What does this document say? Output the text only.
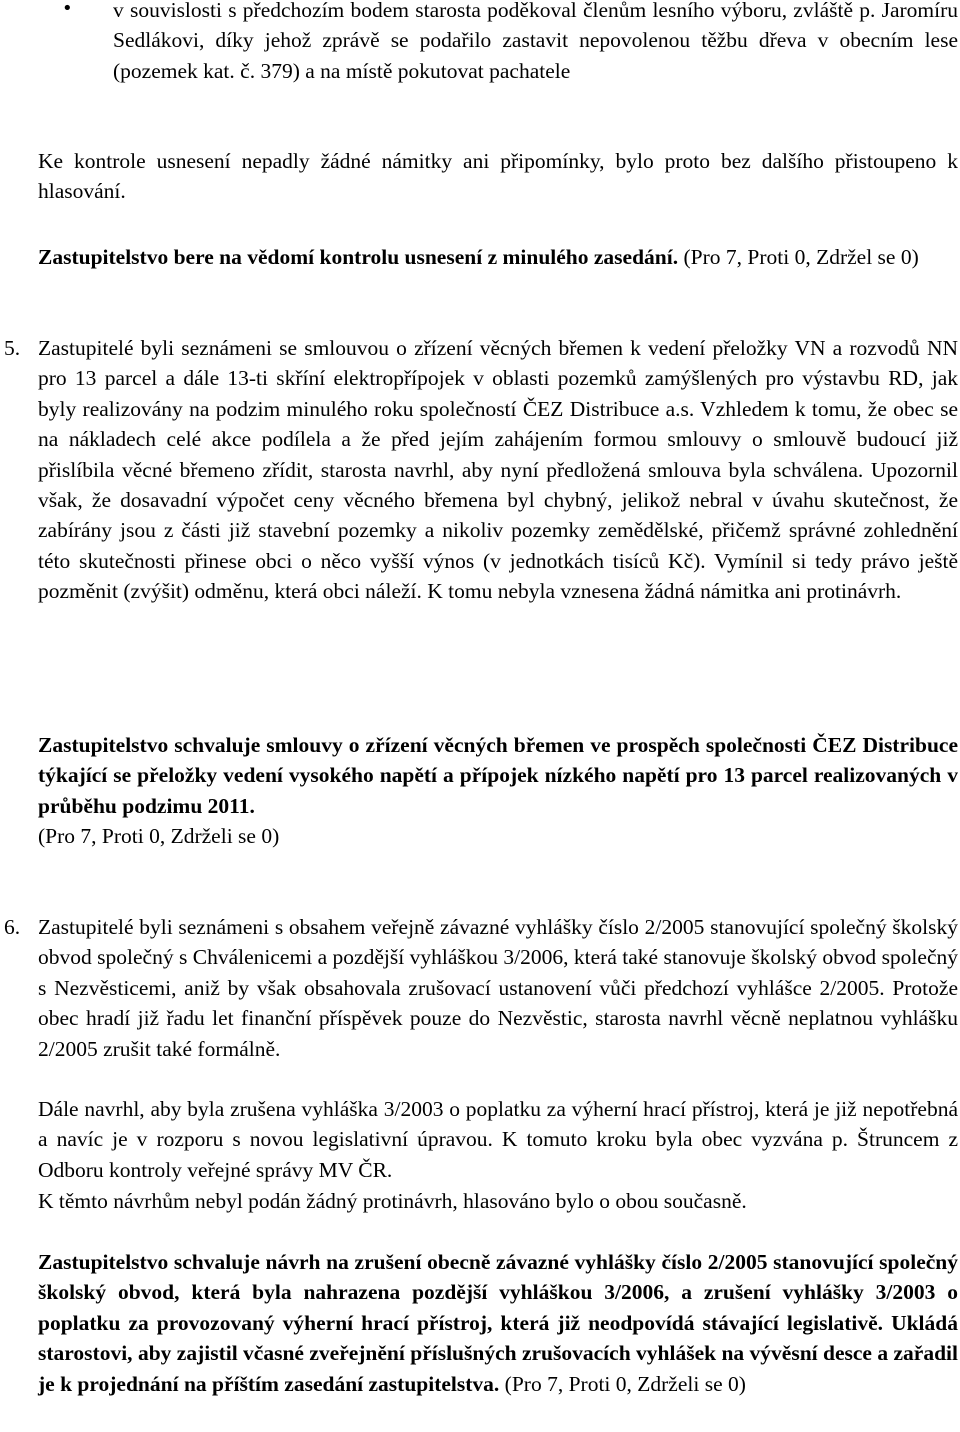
•	v souvislosti s předchozím bodem starosta poděkoval členům lesního výboru, zvláště p. Jaromíru Sedlákovi, díky jehož zprávě se podařilo zastavit nepovolenou těžbu dřeva v obecním lese (pozemek kat. č. 379) a na místě pokutovat pachatele

Ke kontrole usnesení nepadly žádné námitky ani připomínky, bylo proto bez dalšího přistoupeno k hlasování.

Zastupitelstvo bere na vědomí kontrolu usnesení z minulého zasedání. (Pro 7, Proti 0, Zdržel se 0)

5. Zastupitelé byli seznámeni se smlouvou o zřízení věcných břemen k vedení přeložky VN a rozvodů NN pro 13 parcel a dále 13-ti skříní elektropřípojek v oblasti pozemků zamýšlených pro výstavbu RD, jak byly realizovány na podzim minulého roku společností ČEZ Distribuce a.s. Vzhledem k tomu, že obec se na nákladech celé akce podílela a že před jejím zahájením formou smlouvy o smlouvě budoucí již přislíbila věcné břemeno zřídit, starosta navrhl, aby nyní předložená smlouva byla schválena. Upozornil však, že dosavadní výpočet ceny věcného břemena byl chybný, jelikož nebral v úvahu skutečnost, že zabírány jsou z části již stavební pozemky a nikoliv pozemky zemědělské, přičemž správné zohlednění této skutečnosti přinese obci o něco vyšší výnos (v jednotkách tisíců Kč). Vymínil si tedy právo ještě pozměnit (zvýšit) odměnu, která obci náleží. K tomu nebyla vznesena žádná námitka ani protinávrh.

Zastupitelstvo schvaluje smlouvy o zřízení věcných břemen ve prospěch společnosti ČEZ Distribuce týkající se přeložky vedení vysokého napětí a přípojek nízkého napětí pro 13 parcel realizovaných v průběhu podzimu 2011.
(Pro 7, Proti 0, Zdrželi se 0)

6. Zastupitelé byli seznámeni s obsahem veřejně závazné vyhlášky číslo 2/2005 stanovující společný školský obvod společný s Chválenicemi a pozdější vyhláškou 3/2006, která také stanovuje školský obvod společný s Nezvěsticemi, aniž by však obsahovala zrušovací ustanovení vůči předchozí vyhlášce 2/2005. Protože obec hradí již řadu let finanční příspěvek pouze do Nezvěstic, starosta navrhl věcně neplatnou vyhlášku 2/2005 zrušit také formálně.

Dále navrhl, aby byla zrušena vyhláška 3/2003 o poplatku za výherní hrací přístroj, která je již nepotřebná a navíc je v rozporu s novou legislativní úpravou. K tomuto kroku byla obec vyzvána p. Štruncem z Odboru kontroly veřejné správy MV ČR.

K těmto návrhům nebyl podán žádný protinávrh, hlasováno bylo o obou současně.

Zastupitelstvo schvaluje návrh na zrušení obecně závazné vyhlášky číslo 2/2005 stanovující společný školský obvod, která byla nahrazena pozdější vyhláškou 3/2006, a zrušení vyhlášky 3/2003 o poplatku za provozovaný výherní hrací přístroj, která již neodpovídá stávající legislativě. Ukládá starostovi, aby zajistil včasné zveřejnění příslušných zrušovacích vyhlášek na vývěsní desce a zařadil je k projednání na příštím zasedání zastupitelstva. (Pro 7, Proti 0, Zdrželi se 0)
